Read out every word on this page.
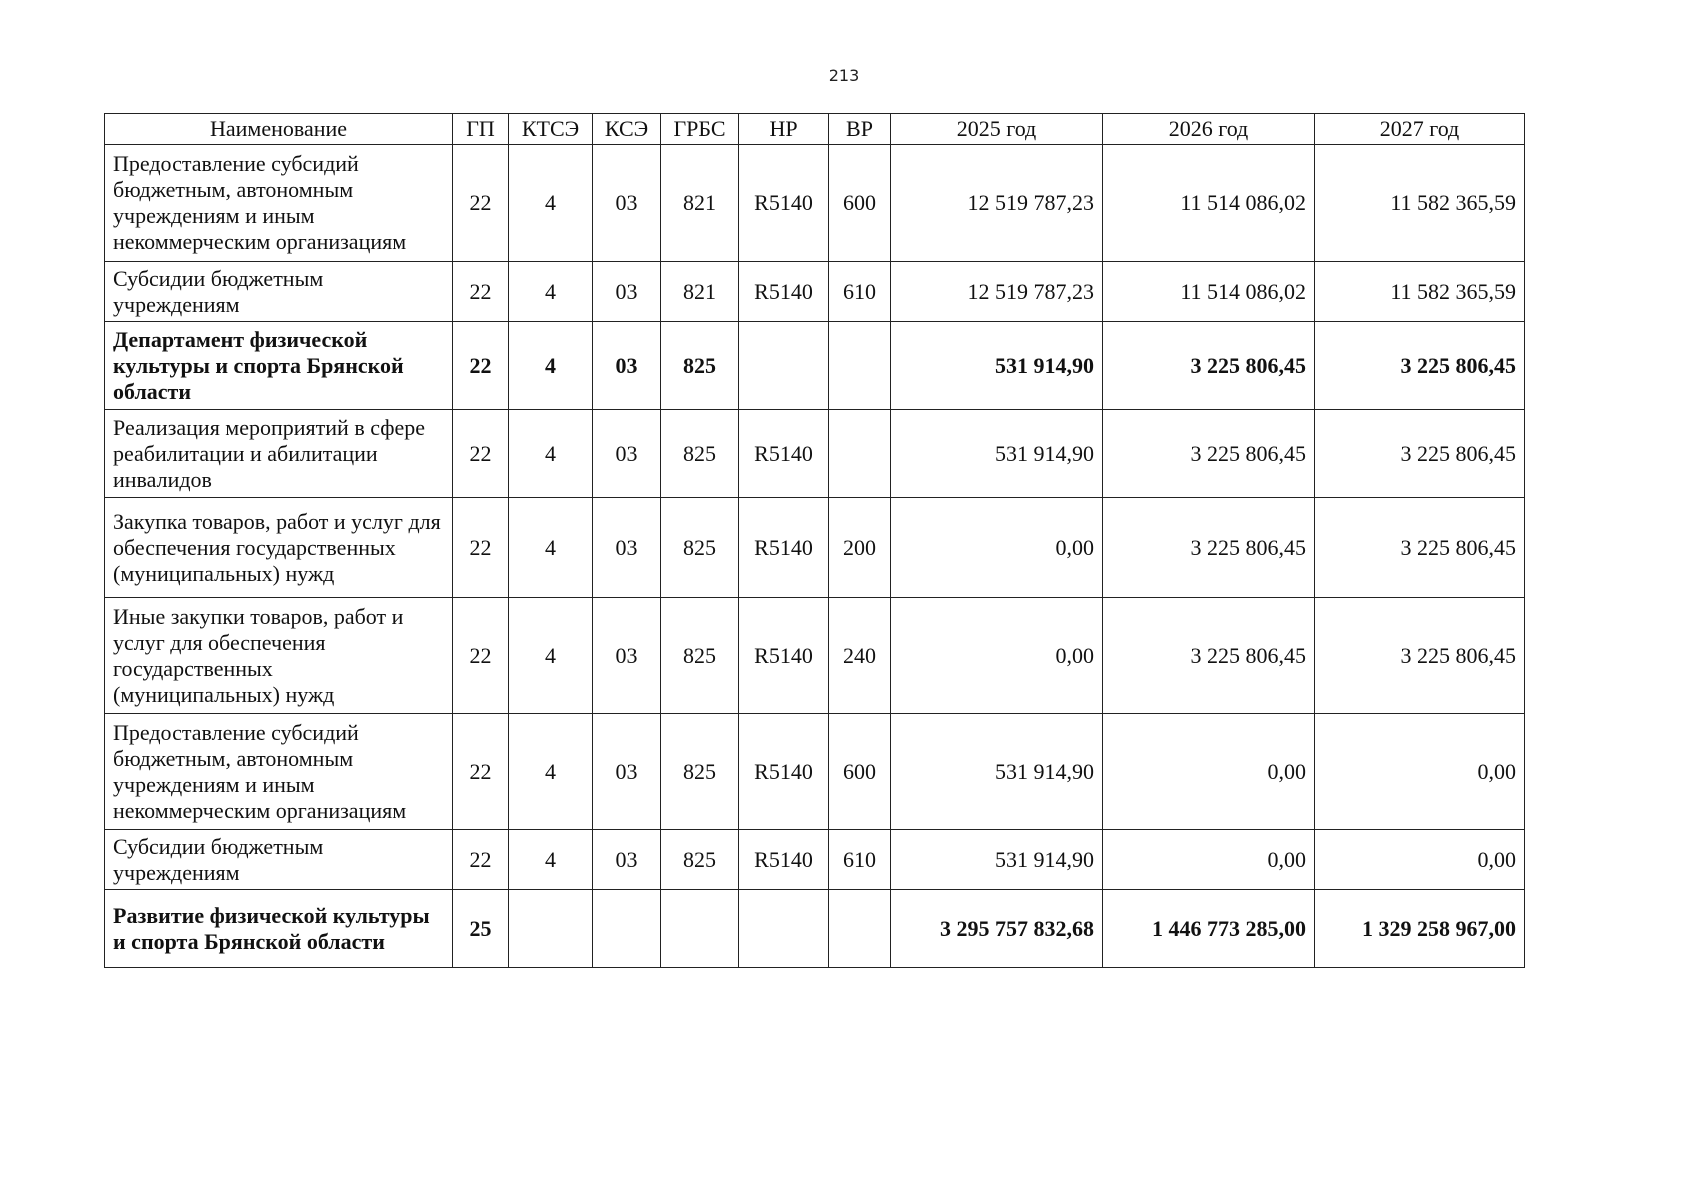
213
Наименование	ГП	КТСЭ	КСЭ	ГРБС	НР	ВР	2025 год	2026 год	2027 год
Предоставление субсидий бюджетным, автономным учреждениям и иным некоммерческим организациям	22	4	03	821	R5140	600	12 519 787,23	11 514 086,02	11 582 365,59
Субсидии бюджетным учреждениям	22	4	03	821	R5140	610	12 519 787,23	11 514 086,02	11 582 365,59
Департамент физической культуры и спорта Брянской области	22	4	03	825			531 914,90	3 225 806,45	3 225 806,45
Реализация мероприятий в сфере реабилитации и абилитации инвалидов	22	4	03	825	R5140		531 914,90	3 225 806,45	3 225 806,45
Закупка товаров, работ и услуг для обеспечения государственных (муниципальных) нужд	22	4	03	825	R5140	200	0,00	3 225 806,45	3 225 806,45
Иные закупки товаров, работ и услуг для обеспечения государственных (муниципальных) нужд	22	4	03	825	R5140	240	0,00	3 225 806,45	3 225 806,45
Предоставление субсидий бюджетным, автономным учреждениям и иным некоммерческим организациям	22	4	03	825	R5140	600	531 914,90	0,00	0,00
Субсидии бюджетным учреждениям	22	4	03	825	R5140	610	531 914,90	0,00	0,00
Развитие физической культуры и спорта Брянской области	25						3 295 757 832,68	1 446 773 285,00	1 329 258 967,00
